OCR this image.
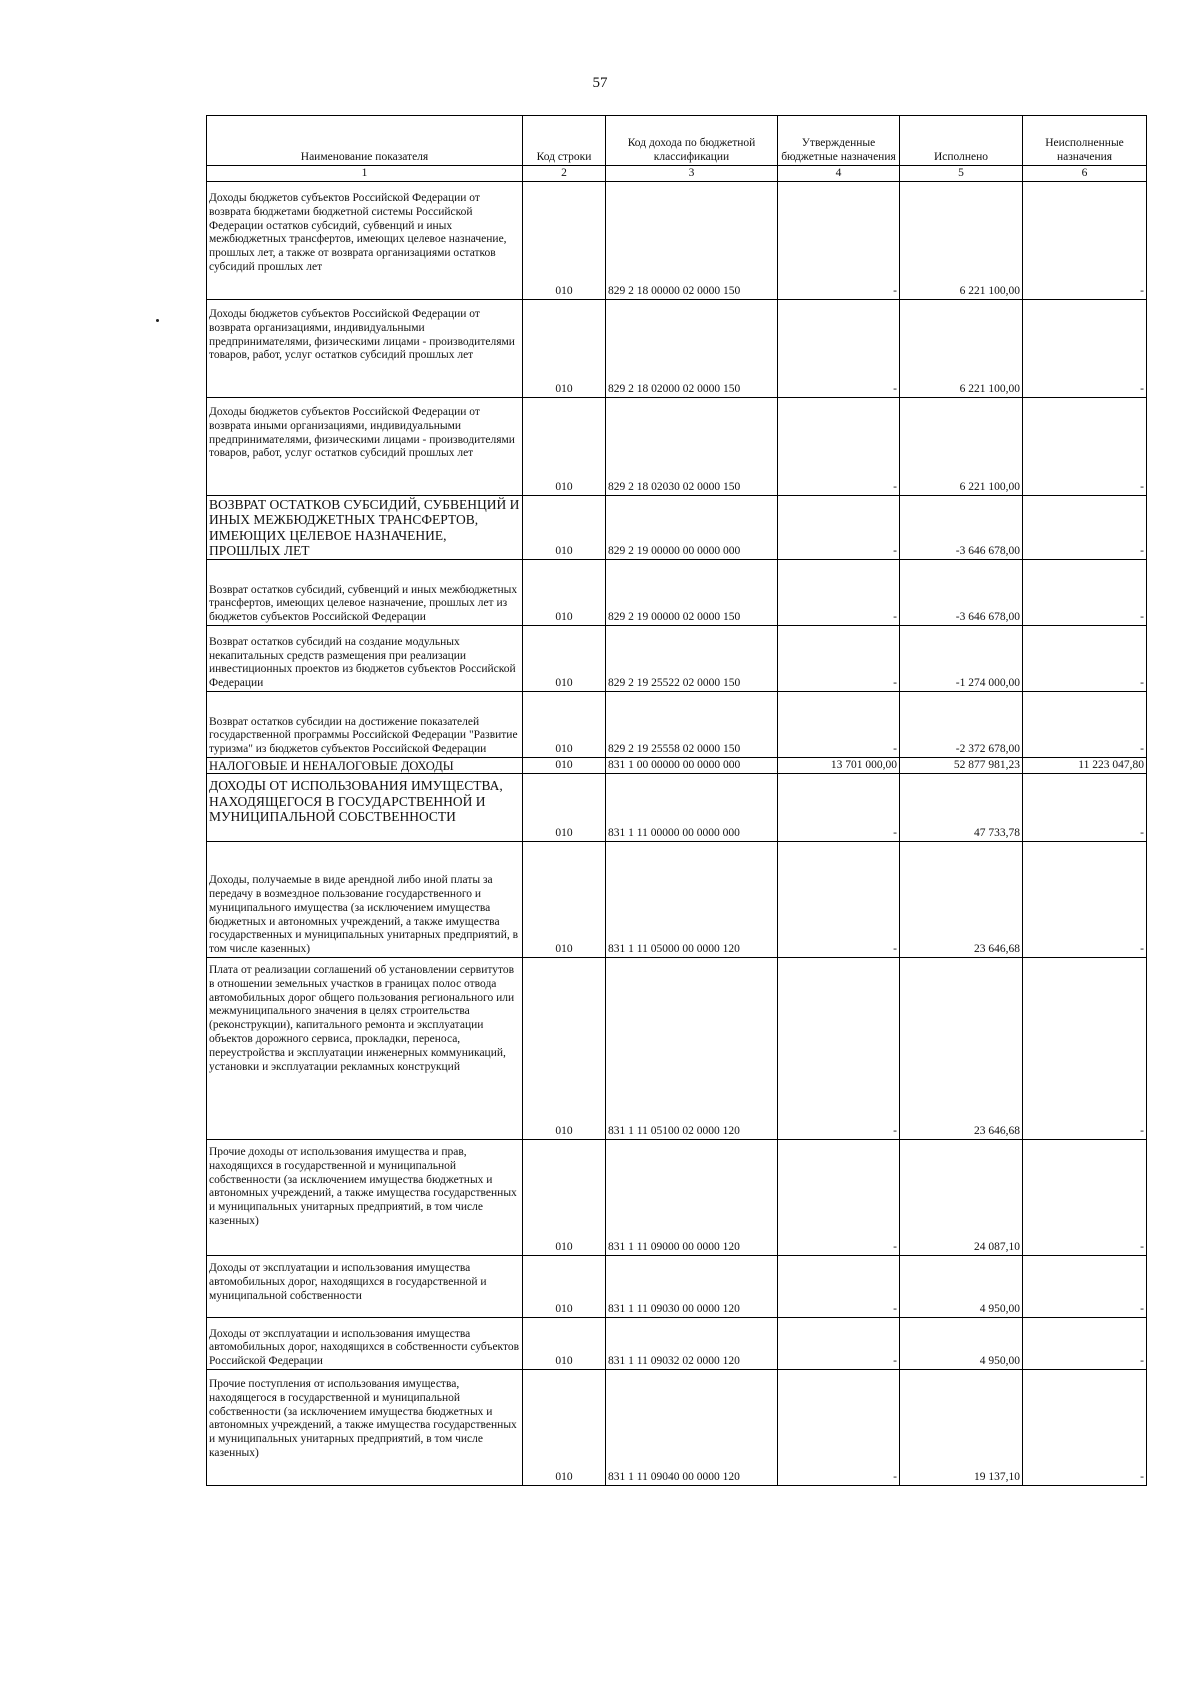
57
Наименование показателя	Код строки	Код дохода по бюджетной классификации	Утвержденные бюджетные назначения	Исполнено	Неисполненные назначения
1	2	3	4	5	6
Доходы бюджетов субъектов Российской Федерации от возврата бюджетами бюджетной системы Российской Федерации остатков субсидий, субвенций и иных межбюджетных трансфертов, имеющих целевое назначение, прошлых лет, а также от возврата организациями остатков субсидий прошлых лет	010	829 2 18 00000 02 0000 150	-	6 221 100,00	-
Доходы бюджетов субъектов Российской Федерации от возврата организациями, индивидуальными предпринимателями, физическими лицами - производителями товаров, работ, услуг остатков субсидий прошлых лет	010	829 2 18 02000 02 0000 150	-	6 221 100,00	-
Доходы бюджетов субъектов Российской Федерации от возврата иными организациями, индивидуальными предпринимателями, физическими лицами - производителями товаров, работ, услуг остатков субсидий прошлых лет	010	829 2 18 02030 02 0000 150	-	6 221 100,00	-
ВОЗВРАТ ОСТАТКОВ СУБСИДИЙ, СУБВЕНЦИЙ И ИНЫХ МЕЖБЮДЖЕТНЫХ ТРАНСФЕРТОВ, ИМЕЮЩИХ ЦЕЛЕВОЕ НАЗНАЧЕНИЕ, ПРОШЛЫХ ЛЕТ	010	829 2 19 00000 00 0000 000	-	-3 646 678,00	-
Возврат остатков субсидий, субвенций и иных межбюджетных трансфертов, имеющих целевое назначение, прошлых лет из бюджетов субъектов Российской Федерации	010	829 2 19 00000 02 0000 150	-	-3 646 678,00	-
Возврат остатков субсидий на создание модульных некапитальных средств размещения при реализации инвестиционных проектов из бюджетов субъектов Российской Федерации	010	829 2 19 25522 02 0000 150	-	-1 274 000,00	-
Возврат остатков субсидии на достижение показателей государственной программы Российской Федерации "Развитие туризма" из бюджетов субъектов Российской Федерации	010	829 2 19 25558 02 0000 150	-	-2 372 678,00	-
НАЛОГОВЫЕ И НЕНАЛОГОВЫЕ ДОХОДЫ	010	831 1 00 00000 00 0000 000	13 701 000,00	52 877 981,23	11 223 047,80
ДОХОДЫ ОТ ИСПОЛЬЗОВАНИЯ ИМУЩЕСТВА, НАХОДЯЩЕГОСЯ В ГОСУДАРСТВЕННОЙ И МУНИЦИПАЛЬНОЙ СОБСТВЕННОСТИ	010	831 1 11 00000 00 0000 000	-	47 733,78	-
Доходы, получаемые в виде арендной либо иной платы за передачу в возмездное пользование государственного и муниципального имущества (за исключением имущества бюджетных и автономных учреждений, а также имущества государственных и муниципальных унитарных предприятий, в том числе казенных)	010	831 1 11 05000 00 0000 120	-	23 646,68	-
Плата от реализации соглашений об установлении сервитутов в отношении земельных участков в границах полос отвода автомобильных дорог общего пользования регионального или межмуниципального значения в целях строительства (реконструкции), капитального ремонта и эксплуатации объектов дорожного сервиса, прокладки, переноса, переустройства и эксплуатации инженерных коммуникаций, установки и эксплуатации рекламных конструкций	010	831 1 11 05100 02 0000 120	-	23 646,68	-
Прочие доходы от использования имущества и прав, находящихся в государственной и муниципальной собственности (за исключением имущества бюджетных и автономных учреждений, а также имущества государственных и муниципальных унитарных предприятий, в том числе казенных)	010	831 1 11 09000 00 0000 120	-	24 087,10	-
Доходы от эксплуатации и использования имущества автомобильных дорог, находящихся в государственной и муниципальной собственности	010	831 1 11 09030 00 0000 120	-	4 950,00	-
Доходы от эксплуатации и использования имущества автомобильных дорог, находящихся в собственности субъектов Российской Федерации	010	831 1 11 09032 02 0000 120	-	4 950,00	-
Прочие поступления от использования имущества, находящегося в государственной и муниципальной собственности (за исключением имущества бюджетных и автономных учреждений, а также имущества государственных и муниципальных унитарных предприятий, в том числе казенных)	010	831 1 11 09040 00 0000 120	-	19 137,10	-
